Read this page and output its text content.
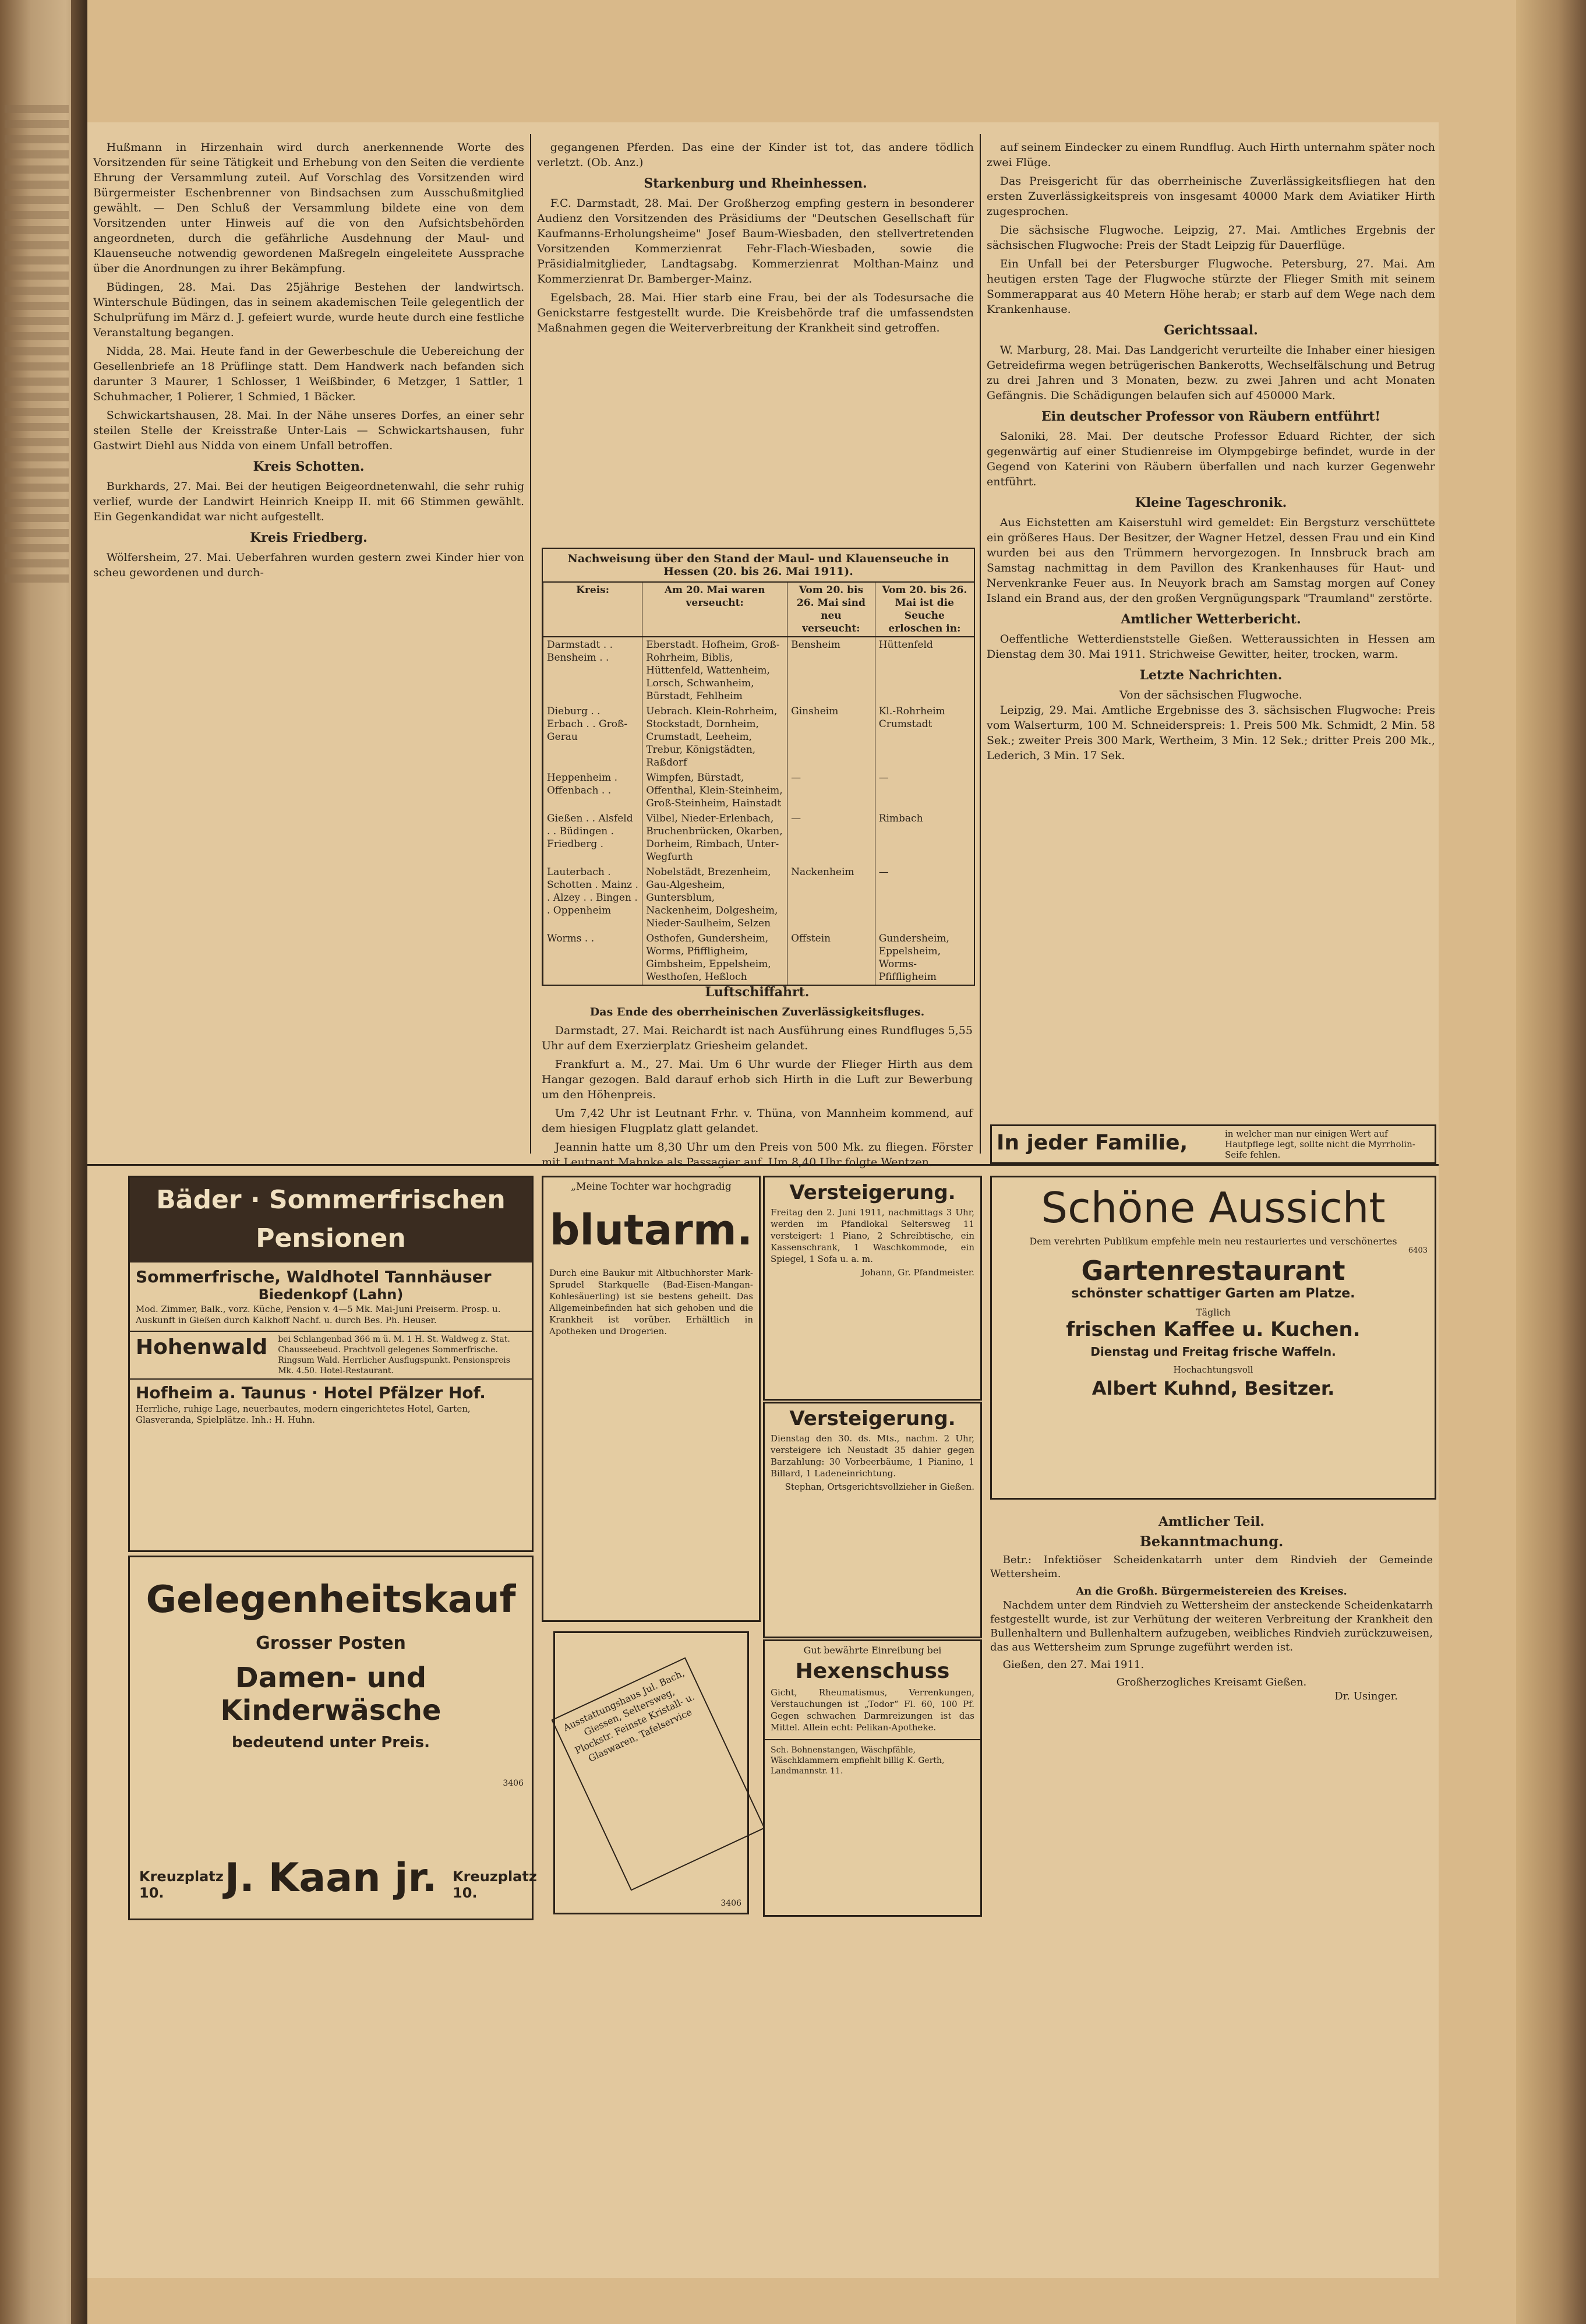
Hußmann in Hirzenhain wird durch anerkennende Worte des Vorsitzenden für seine Tätigkeit und Erhebung von den Seiten die verdiente Ehrung der Versammlung zuteil. Auf Vorschlag des Vorsitzenden wird Bürgermeister Eschenbrenner von Bindsachsen zum Ausschußmitglied gewählt. — Den Schluß der Versammlung bildete eine von dem Vorsitzenden unter Hinweis auf die von den Aufsichtsbehörden angeordneten, durch die gefährliche Ausdehnung der Maul- und Klauenseuche notwendig gewordenen Maßregeln eingeleitete Aussprache über die Anordnungen zu ihrer Bekämpfung.

Büdingen, 28. Mai. Das 25jährige Bestehen der landwirtsch. Winterschule Büdingen, das in seinem akademischen Teile gelegentlich der Schulprüfung im März d. J. gefeiert wurde, wurde heute durch eine festliche Veranstaltung begangen.

Nidda, 28. Mai. Heute fand in der Gewerbeschule die Uebereichung der Gesellenbriefe an 18 Prüflinge statt. Dem Handwerk nach befanden sich darunter 3 Maurer, 1 Schlosser, 1 Weißbinder, 6 Metzger, 1 Sattler, 1 Schuhmacher, 1 Polierer, 1 Schmied, 1 Bäcker.

Schwickartshausen, 28. Mai. In der Nähe unseres Dorfes, an einer sehr steilen Stelle der Kreisstraße Unter-Lais — Schwickartshausen, fuhr Gastwirt Diehl aus Nidda von einem Unfall betroffen.

Kreis Schotten.

Burkhards, 27. Mai. Bei der heutigen Beigeordnetenwahl, die sehr ruhig verlief, wurde der Landwirt Heinrich Kneipp II. mit 66 Stimmen gewählt. Ein Gegenkandidat war nicht aufgestellt.

Kreis Friedberg.

Wölfersheim, 27. Mai. Ueberfahren wurden gestern zwei Kinder hier von scheu gewordenen und durch-

gegangenen Pferden. Das eine der Kinder ist tot, das andere tödlich verletzt. (Ob. Anz.)

Starkenburg und Rheinhessen.

F.C. Darmstadt, 28. Mai. Der Großherzog empfing gestern in besonderer Audienz den Vorsitzenden des Präsidiums der "Deutschen Gesellschaft für Kaufmanns-Erholungsheime" Josef Baum-Wiesbaden, den stellvertretenden Vorsitzenden Kommerzienrat Fehr-Flach-Wiesbaden, sowie die Präsidialmitglieder, Landtagsabg. Kommerzienrat Molthan-Mainz und Kommerzienrat Dr. Bamberger-Mainz.

Egelsbach, 28. Mai. Hier starb eine Frau, bei der als Todesursache die Genickstarre festgestellt wurde. Die Kreisbehörde traf die umfassendsten Maßnahmen gegen die Weiterverbreitung der Krankheit sind getroffen.

Nachweisung über den Stand der Maul- und Klauenseuche in Hessen (20. bis 26. Mai 1911).
Kreis:	Am 20. Mai waren verseucht:	Vom 20. bis 26. Mai sind neu verseucht:	Vom 20. bis 26. Mai ist die Seuche erloschen in:
Darmstadt . . Bensheim . .	Eberstadt. Hofheim, Groß-Rohrheim, Biblis, Hüttenfeld, Wattenheim, Lorsch, Schwanheim, Bürstadt, Fehlheim	Bensheim	Hüttenfeld
Dieburg . . Erbach . . Groß-Gerau	Uebrach. Klein-Rohrheim, Stockstadt, Dornheim, Crumstadt, Leeheim, Trebur, Königstädten, Raßdorf	Ginsheim	Kl.-Rohrheim Crumstadt
Heppenheim . Offenbach . .	Wimpfen, Bürstadt, Offenthal, Klein-Steinheim, Groß-Steinheim, Hainstadt	—	—
Gießen . . Alsfeld . . Büdingen . Friedberg .	Vilbel, Nieder-Erlenbach, Bruchenbrücken, Okarben, Dorheim, Rimbach, Unter-Wegfurth	—	Rimbach
Lauterbach . Schotten . Mainz . . Alzey . . Bingen . . Oppenheim	Nobelstädt, Brezenheim, Gau-Algesheim, Guntersblum, Nackenheim, Dolgesheim, Nieder-Saulheim, Selzen	Nackenheim	—
Worms . .	Osthofen, Gundersheim, Worms, Pfiffligheim, Gimbsheim, Eppelsheim, Westhofen, Heßloch	Offstein	Gundersheim, Eppelsheim, Worms-Pfiffligheim
Luftschiffahrt.
Das Ende des oberrheinischen Zuverlässigkeitsfluges.

Darmstadt, 27. Mai. Reichardt ist nach Ausführung eines Rundfluges 5,55 Uhr auf dem Exerzierplatz Griesheim gelandet.

Frankfurt a. M., 27. Mai. Um 6 Uhr wurde der Flieger Hirth aus dem Hangar gezogen. Bald darauf erhob sich Hirth in die Luft zur Bewerbung um den Höhenpreis.

Um 7,42 Uhr ist Leutnant Frhr. v. Thüna, von Mannheim kommend, auf dem hiesigen Flugplatz glatt gelandet.

Jeannin hatte um 8,30 Uhr um den Preis von 500 Mk. zu fliegen. Förster mit Leutnant Mahnke als Passagier auf. Um 8,40 Uhr folgte Wentzen.

auf seinem Eindecker zu einem Rundflug. Auch Hirth unternahm später noch zwei Flüge.

Das Preisgericht für das oberrheinische Zuverlässigkeitsfliegen hat den ersten Zuverlässigkeitspreis von insgesamt 40000 Mark dem Aviatiker Hirth zugesprochen.

Die sächsische Flugwoche. Leipzig, 27. Mai. Amtliches Ergebnis der sächsischen Flugwoche: Preis der Stadt Leipzig für Dauerflüge.

Ein Unfall bei der Petersburger Flugwoche. Petersburg, 27. Mai. Am heutigen ersten Tage der Flugwoche stürzte der Flieger Smith mit seinem Sommerapparat aus 40 Metern Höhe herab; er starb auf dem Wege nach dem Krankenhause.

Gerichtssaal.

W. Marburg, 28. Mai. Das Landgericht verurteilte die Inhaber einer hiesigen Getreidefirma wegen betrügerischen Bankerotts, Wechselfälschung und Betrug zu drei Jahren und 3 Monaten, bezw. zu zwei Jahren und acht Monaten Gefängnis. Die Schädigungen belaufen sich auf 450000 Mark.

Ein deutscher Professor von Räubern entführt!

Saloniki, 28. Mai. Der deutsche Professor Eduard Richter, der sich gegenwärtig auf einer Studienreise im Olympgebirge befindet, wurde in der Gegend von Katerini von Räubern überfallen und nach kurzer Gegenwehr entführt.

Kleine Tageschronik.

Aus Eichstetten am Kaiserstuhl wird gemeldet: Ein Bergsturz verschüttete ein größeres Haus. Der Besitzer, der Wagner Hetzel, dessen Frau und ein Kind wurden bei aus den Trümmern hervorgezogen. In Innsbruck brach am Samstag nachmittag in dem Pavillon des Krankenhauses für Haut- und Nervenkranke Feuer aus. In Neuyork brach am Samstag morgen auf Coney Island ein Brand aus, der den großen Vergnügungspark "Traumland" zerstörte.

Amtlicher Wetterbericht.

Oeffentliche Wetterdienststelle Gießen. Wetteraussichten in Hessen am Dienstag dem 30. Mai 1911. Strichweise Gewitter, heiter, trocken, warm.

Letzte Nachrichten.
Von der sächsischen Flugwoche.

Leipzig, 29. Mai. Amtliche Ergebnisse des 3. sächsischen Flugwoche: Preis vom Walserturm, 100 M. Schneiderspreis: 1. Preis 500 Mk. Schmidt, 2 Min. 58 Sek.; zweiter Preis 300 Mark, Wertheim, 3 Min. 12 Sek.; dritter Preis 200 Mk., Lederich, 3 Min. 17 Sek.

In jeder Familie,	in welcher man nur einigen Wert auf Hautpflege legt, sollte nicht die Myrrholin-Seife fehlen.
Bäder · Sommerfrischen Pensionen
Sommerfrische, Waldhotel Tannhäuser
Biedenkopf (Lahn)
Mod. Zimmer, Balk., vorz. Küche, Pension v. 4—5 Mk. Mai-Juni Preiserm. Prosp. u. Auskunft in Gießen durch Kalkhoff Nachf. u. durch Bes. Ph. Heuser.
Hohenwald	bei Schlangenbad 366 m ü. M. 1 H. St. Waldweg z. Stat. Chausseebeud. Prachtvoll gelegenes Sommerfrische. Ringsum Wald. Herrlicher Ausflugspunkt. Pensionspreis Mk. 4.50. Hotel-Restaurant.
Hofheim a. Taunus · Hotel Pfälzer Hof.
Herrliche, ruhige Lage, neuerbautes, modern eingerichtetes Hotel, Garten, Glasveranda, Spielplätze. Inh.: H. Huhn.
Gelegenheitskauf
Grosser Posten
Damen- und Kinderwäsche
bedeutend unter Preis.
3406
Kreuzplatz 10.	J. Kaan jr. Kreuzplatz 10.
„Meine Tochter war hochgradig
blutarm.
Durch eine Baukur mit Altbuchhorster Mark-Sprudel Starkquelle (Bad-Eisen-Mangan-Kohlesäuerling) ist sie bestens geheilt. Das Allgemeinbefinden hat sich gehoben und die Krankheit ist vorüber. Erhältlich in Apotheken und Drogerien.
Ausstattungshaus Jul. Bach, Giessen, Seltersweg, Plockstr. Feinste Kristall- u. Glaswaren, Tafelservice
3406
Versteigerung.
Freitag den 2. Juni 1911, nachmittags 3 Uhr, werden im Pfandlokal Seltersweg 11 versteigert: 1 Piano, 2 Schreibtische, ein Kassenschrank, 1 Waschkommode, ein Spiegel, 1 Sofa u. a. m.
Johann, Gr. Pfandmeister.
Versteigerung.
Dienstag den 30. ds. Mts., nachm. 2 Uhr, versteigere ich Neustadt 35 dahier gegen Barzahlung: 30 Vorbeerbäume, 1 Pianino, 1 Billard, 1 Ladeneinrichtung.
Stephan, Ortsgerichtsvollzieher in Gießen.
Gut bewährte Einreibung bei
Hexenschuss
Gicht, Rheumatismus, Verrenkungen, Verstauchungen ist „Todor“ Fl. 60, 100 Pf. Gegen schwachen Darmreizungen ist das Mittel. Allein echt: Pelikan-Apotheke.
Sch. Bohnenstangen, Wäschpfähle, Wäschklammern empfiehlt billig K. Gerth, Landmannstr. 11.
Schöne Aussicht
Dem verehrten Publikum empfehle mein neu restauriertes und verschönertes
6403
Gartenrestaurant
schönster schattiger Garten am Platze.
Täglich
frischen Kaffee u. Kuchen.
Dienstag und Freitag frische Waffeln.
Hochachtungsvoll
Albert Kuhnd, Besitzer.
Amtlicher Teil.
Bekanntmachung.

Betr.: Infektiöser Scheidenkatarrh unter dem Rindvieh der Gemeinde Wettersheim.

An die Großh. Bürgermeistereien des Kreises.

Nachdem unter dem Rindvieh zu Wettersheim der ansteckende Scheidenkatarrh festgestellt wurde, ist zur Verhütung der weiteren Verbreitung der Krankheit den Bullenhaltern und Bullenhaltern aufzugeben, weibliches Rindvieh zurückzuweisen, das aus Wettersheim zum Sprunge zugeführt werden ist.

Gießen, den 27. Mai 1911.

Großherzogliches Kreisamt Gießen.
Dr. Usinger.
